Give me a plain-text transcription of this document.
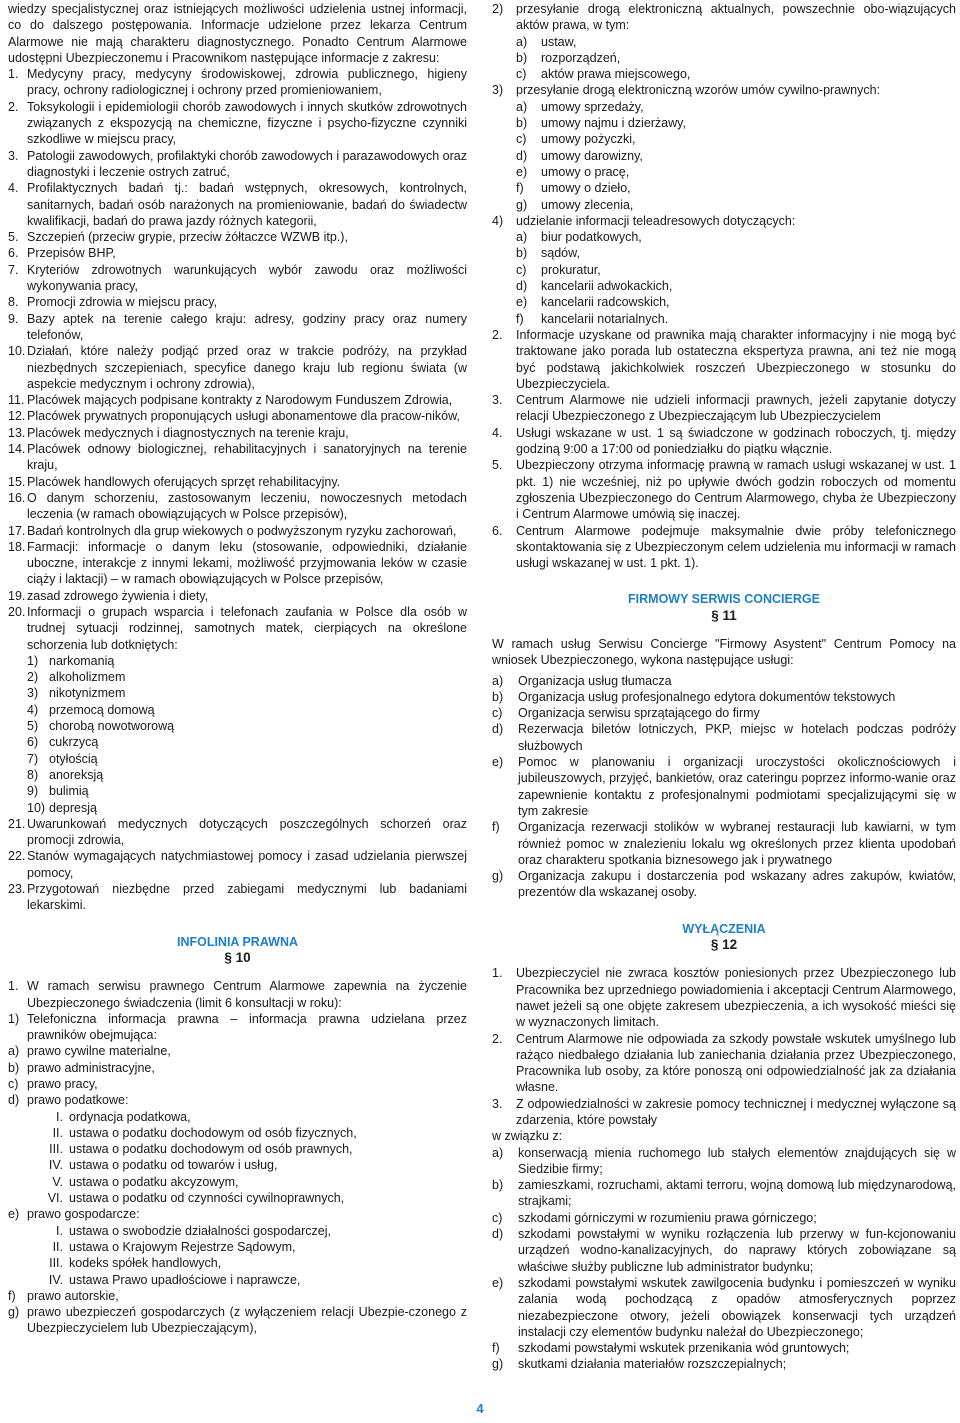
wiedzy specjalistycznej oraz istniejących możliwości udzielenia ustnej informacji, co do dalszego postępowania. Informacje udzielone przez lekarza Centrum Alarmowe nie mają charakteru diagnostycznego. Ponadto Centrum Alarmowe udostępni Ubezpieczonemu i Pracownikom następujące informacje z zakresu:

1. Medycyny pracy, medycyny środowiskowej, zdrowia publicznego, higieny pracy, ochrony radiologicznej i ochrony przed promieniowaniem,
2. Toksykologii i epidemiologii chorób zawodowych i innych skutków zdrowotnych związanych z ekspozycją na chemiczne, fizyczne i psycho-fizyczne czynniki szkodliwe w miejscu pracy,
3. Patologii zawodowych, profilaktyki chorób zawodowych i parazawodowych oraz diagnostyki i leczenie ostrych zatruć,
4. Profilaktycznych badań tj.: badań wstępnych, okresowych, kontrolnych, sanitarnych, badań osób narażonych na promieniowanie, badań do świadectw kwalifikacji, badań do prawa jazdy różnych kategorii,
5. Szczepień (przeciw grypie, przeciw żółtaczce WZWB itp.),
6. Przepisów BHP,
7. Kryteriów zdrowotnych warunkujących wybór zawodu oraz możliwości wykonywania pracy,
8. Promocji zdrowia w miejscu pracy,
9. Bazy aptek na terenie całego kraju: adresy, godziny pracy oraz numery telefonów,
10. Działań, które należy podjąć przed oraz w trakcie podróży, na przykład niezbędnych szczepieniach, specyfice danego kraju lub regionu świata (w aspekcie medycznym i ochrony zdrowia),
11. Placówek mających podpisane kontrakty z Narodowym Funduszem Zdrowia,
12. Placówek prywatnych proponujących usługi abonamentowe dla pracow-ników,
13. Placówek medycznych i diagnostycznych na terenie kraju,
14. Placówek odnowy biologicznej, rehabilitacyjnych i sanatoryjnych na terenie kraju,
15. Placówek handlowych oferujących sprzęt rehabilitacyjny.
16. O danym schorzeniu, zastosowanym leczeniu, nowoczesnych metodach leczenia (w ramach obowiązujących w Polsce przepisów),
17. Badań kontrolnych dla grup wiekowych o podwyższonym ryzyku zachorowań,
18. Farmacji: informacje o danym leku (stosowanie, odpowiedniki, działanie uboczne, interakcje z innymi lekami, możliwość przyjmowania leków w czasie ciąży i laktacji) – w ramach obowiązujących w Polsce przepisów,
19. zasad zdrowego żywienia i diety,
20. Informacji o grupach wsparcia i telefonach zaufania w Polsce dla osób w trudnej sytuacji rodzinnej, samotnych matek, cierpiących na określone schorzenia lub dotkniętych:
1) narkomanią
2) alkoholizmem
3) nikotynizmem
4) przemocą domową
5) chorobą nowotworową
6) cukrzycą
7) otyłością
8) anoreksją
9) bulimią
10) depresją
21. Uwarunkowań medycznych dotyczących poszczególnych schorzeń oraz promocji zdrowia,
22. Stanów wymagających natychmiastowej pomocy i zasad udzielania pierwszej pomocy,
23. Przygotowań niezbędne przed zabiegami medycznymi lub badaniami lekarskimi.
INFOLINIA PRAWNA
§ 10
1. W ramach serwisu prawnego Centrum Alarmowe zapewnia na życzenie Ubezpieczonego świadczenia (limit 6 konsultacji w roku):
1) Telefoniczna informacja prawna – informacja prawna udzielana przez prawników obejmująca:
a) prawo cywilne materialne,
b) prawo administracyjne,
c) prawo pracy,
d) prawo podatkowe:
I. ordynacja podatkowa,
II. ustawa o podatku dochodowym od osób fizycznych,
III. ustawa o podatku dochodowym od osób prawnych,
IV. ustawa o podatku od towarów i usług,
V. ustawa o podatku akcyzowym,
VI. ustawa o podatku od czynności cywilnoprawnych,
e) prawo gospodarcze:
I. ustawa o swobodzie działalności gospodarczej,
II. ustawa o Krajowym Rejestrze Sądowym,
III. kodeks spółek handlowych,
IV. ustawa Prawo upadłościowe i naprawcze,
f) prawo autorskie,
g) prawo ubezpieczeń gospodarczych (z wyłączeniem relacji Ubezpie-czonego z Ubezpieczycielem lub Ubezpieczającym),
2)	przesyłanie drogą elektroniczną aktualnych, powszechnie obo-wiązujących aktów prawa, w tym:
a)	ustaw,
b)	rozporządzeń,
c)	aktów prawa miejscowego,
3)	przesyłanie drogą elektroniczną wzorów umów cywilno-prawnych:
a)	umowy sprzedaży,
b)	umowy najmu i dzierżawy,
c)	umowy pożyczki,
d)	umowy darowizny,
e)	umowy o pracę,
f)	umowy o dzieło,
g)	umowy zlecenia,
4)	udzielanie informacji teleadresowych dotyczących:
a)	biur podatkowych,
b)	sądów,
c)	prokuratur,
d)	kancelarii adwokackich,
e)	kancelarii radcowskich,
f)	kancelarii notarialnych.
2.	Informacje uzyskane od prawnika mają charakter informacyjny i nie mogą być traktowane jako porada lub ostateczna ekspertyza prawna, ani też nie mogą być podstawą jakichkolwiek roszczeń Ubezpieczonego w stosunku do Ubezpieczyciela.
3.	Centrum Alarmowe nie udzieli informacji prawnych, jeżeli zapytanie dotyczy relacji Ubezpieczonego z Ubezpieczającym lub Ubezpieczycielem
4.	Usługi wskazane w ust. 1 są świadczone w godzinach roboczych, tj. między godziną 9:00 a 17:00 od poniedziałku do piątku włącznie.
5.	Ubezpieczony otrzyma informację prawną w ramach usługi wskazanej w ust. 1 pkt. 1) nie wcześniej, niż po upływie dwóch godzin roboczych od momentu zgłoszenia Ubezpieczonego do Centrum Alarmowego, chyba że Ubezpieczony i Centrum Alarmowe umówią się inaczej.
6.	Centrum Alarmowe podejmuje maksymalnie dwie próby telefonicznego skontaktowania się z Ubezpieczonym celem udzielenia mu informacji w ramach usługi wskazanej w ust. 1 pkt. 1).
FIRMOWY SERWIS CONCIERGE
§ 11

W ramach usług Serwisu Concierge "Firmowy Asystent" Centrum Pomocy na wniosek Ubezpieczonego, wykona następujące usługi:

a)	Organizacja usług tłumacza
b)	Organizacja usług profesjonalnego edytora dokumentów tekstowych
c)	Organizacja serwisu sprzątającego do firmy
d)	Rezerwacja biletów lotniczych, PKP, miejsc w hotelach podczas podróży służbowych
e)	Pomoc w planowaniu i organizacji uroczystości okolicznościowych i jubileuszowych, przyjęć, bankietów, oraz cateringu poprzez informo-wanie oraz zapewnienie kontaktu z profesjonalnymi podmiotami specjalizującymi się w tym zakresie
f)	Organizacja rezerwacji stolików w wybranej restauracji lub kawiarni, w tym również pomoc w znalezieniu lokalu wg określonych przez klienta upodobań oraz charakteru spotkania biznesowego jak i prywatnego
g)	Organizacja zakupu i dostarczenia pod wskazany adres zakupów, kwiatów, prezentów dla wskazanej osoby.
WYŁĄCZENIA
§ 12
1.	Ubezpieczyciel nie zwraca kosztów poniesionych przez Ubezpieczonego lub Pracownika bez uprzedniego powiadomienia i akceptacji Centrum Alarmowego, nawet jeżeli są one objęte zakresem ubezpieczenia, a ich wysokość mieści się w wyznaczonych limitach.
2.	Centrum Alarmowe nie odpowiada za szkody powstałe wskutek umyślnego lub rażąco niedbałego działania lub zaniechania działania przez Ubezpieczonego, Pracownika lub osoby, za które ponoszą oni odpowiedzialność jak za działania własne.
3.	Z odpowiedzialności w zakresie pomocy technicznej i medycznej wyłączone są zdarzenia, które powstały

w związku z:

a)	konserwacją mienia ruchomego lub stałych elementów znajdujących się w Siedzibie firmy;
b)	zamieszkami, rozruchami, aktami terroru, wojną domową lub międzynarodową, strajkami;
c)	szkodami górniczymi w rozumieniu prawa górniczego;
d)	szkodami powstałymi w wyniku rozłączenia lub przerwy w fun-kcjonowaniu urządzeń wodno-kanalizacyjnych, do naprawy których zobowiązane są właściwe służby publiczne lub administrator budynku;
e)	szkodami powstałymi wskutek zawilgocenia budynku i pomieszczeń w wyniku zalania wodą pochodzącą z opadów atmosferycznych poprzez niezabezpieczone otwory, jeżeli obowiązek konserwacji tych urządzeń instalacji czy elementów budynku należał do Ubezpieczonego;
f)	szkodami powstałymi wskutek przenikania wód gruntowych;
g)	skutkami działania materiałów rozszczepialnych;
4
